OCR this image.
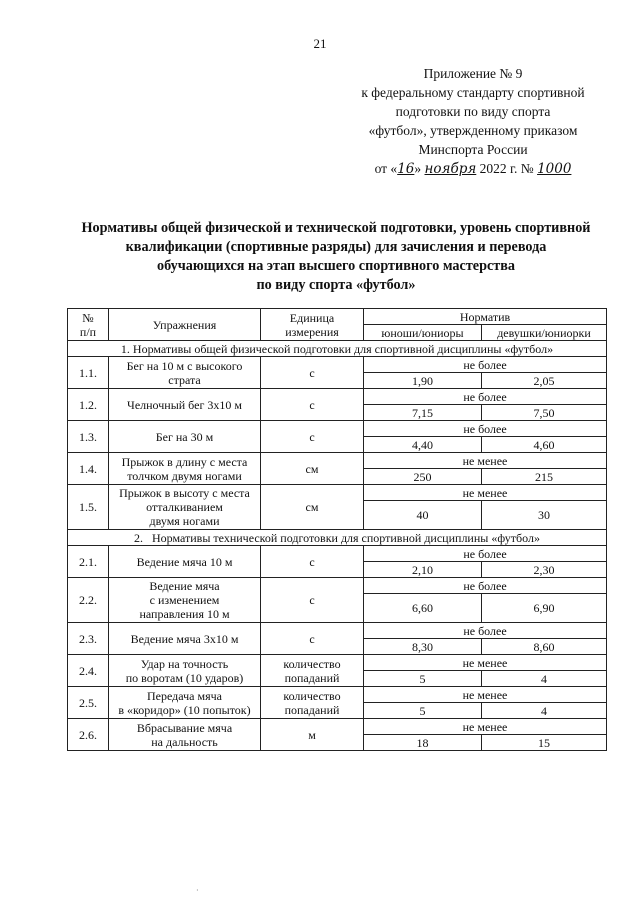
21
Приложение № 9
к федеральному стандарту спортивной
подготовки по виду спорта
«футбол», утвержденному приказом
Минспорта России
от «16» ноября 2022 г. № 1000
Нормативы общей физической и технической подготовки, уровень спортивной
квалификации (спортивные разряды) для зачисления и перевода
обучающихся на этап высшего спортивного мастерства
по виду спорта «футбол»
№
п/п	Упражнения	Единица
измерения	Норматив	
			юноши/юниоры	девушки/юниорки
1. Нормативы общей физической подготовки для спортивной дисциплины «футбол»				
1.1.	Бег на 10 м с высокого
страта	с	не более	
			1,90	2,05
1.2.	Челночный бег 3х10 м	с	не более	
			7,15	7,50
1.3.	Бег на 30 м	с	не более	
			4,40	4,60
1.4.	Прыжок в длину с места
толчком двумя ногами	см	не менее	
			250	215
1.5.	Прыжок в высоту с места
отталкиванием
двумя ногами	см	не менее	
			40	30
2.   Нормативы технической подготовки для спортивной дисциплины «футбол»				
2.1.	Ведение мяча 10 м	с	не более	
			2,10	2,30
2.2.	Ведение мяча
с изменением
направления 10 м	с	не более	
			6,60	6,90
2.3.	Ведение мяча 3х10 м	с	не более	
			8,30	8,60
2.4.	Удар на точность
по воротам (10 ударов)	количество
попаданий	не менее	
			5	4
2.5.	Передача мяча
в «коридор» (10 попыток)	количество
попаданий	не менее	
			5	4
2.6.	Вбрасывание мяча
на дальность	м	не менее	
			18	15
·
